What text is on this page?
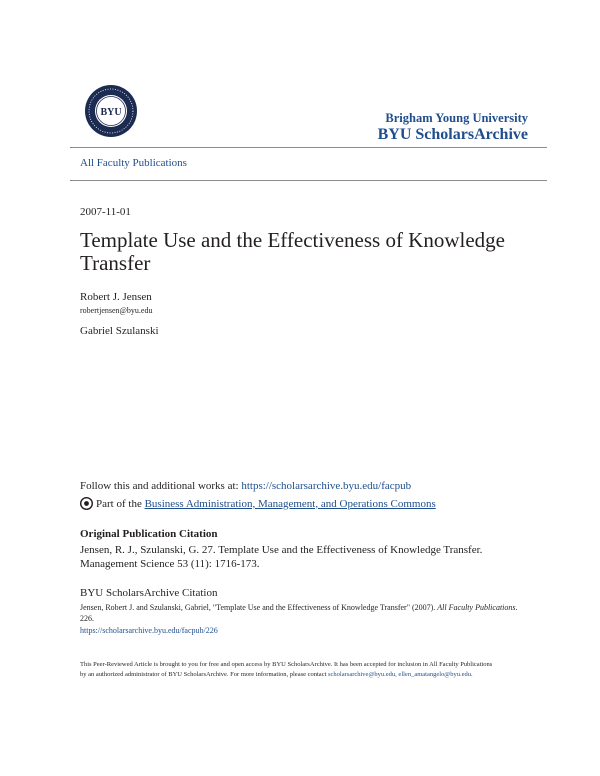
BYU	Brigham Young University
BYU ScholarsArchive
All Faculty Publications
2007-11-01
Template Use and the Effectiveness of Knowledge Transfer
Robert J. Jensen
robertjensen@byu.edu
Gabriel Szulanski
Follow this and additional works at: https://scholarsarchive.byu.edu/facpub
Part of the
Business Administration, Management, and Operations Commons
Original Publication Citation
Jensen, R. J., Szulanski, G. 27. Template Use and the Effectiveness of Knowledge Transfer. Management Science 53 (11): 1716-173.
BYU ScholarsArchive Citation
Jensen, Robert J. and Szulanski, Gabriel, "Template Use and the Effectiveness of Knowledge Transfer" (2007). All Faculty Publications. 226.
https://scholarsarchive.byu.edu/facpub/226
This Peer-Reviewed Article is brought to you for free and open access by BYU ScholarsArchive. It has been accepted for inclusion in All Faculty Publications by an authorized administrator of BYU ScholarsArchive. For more information, please contact scholarsarchive@byu.edu, ellen_amatangelo@byu.edu.
